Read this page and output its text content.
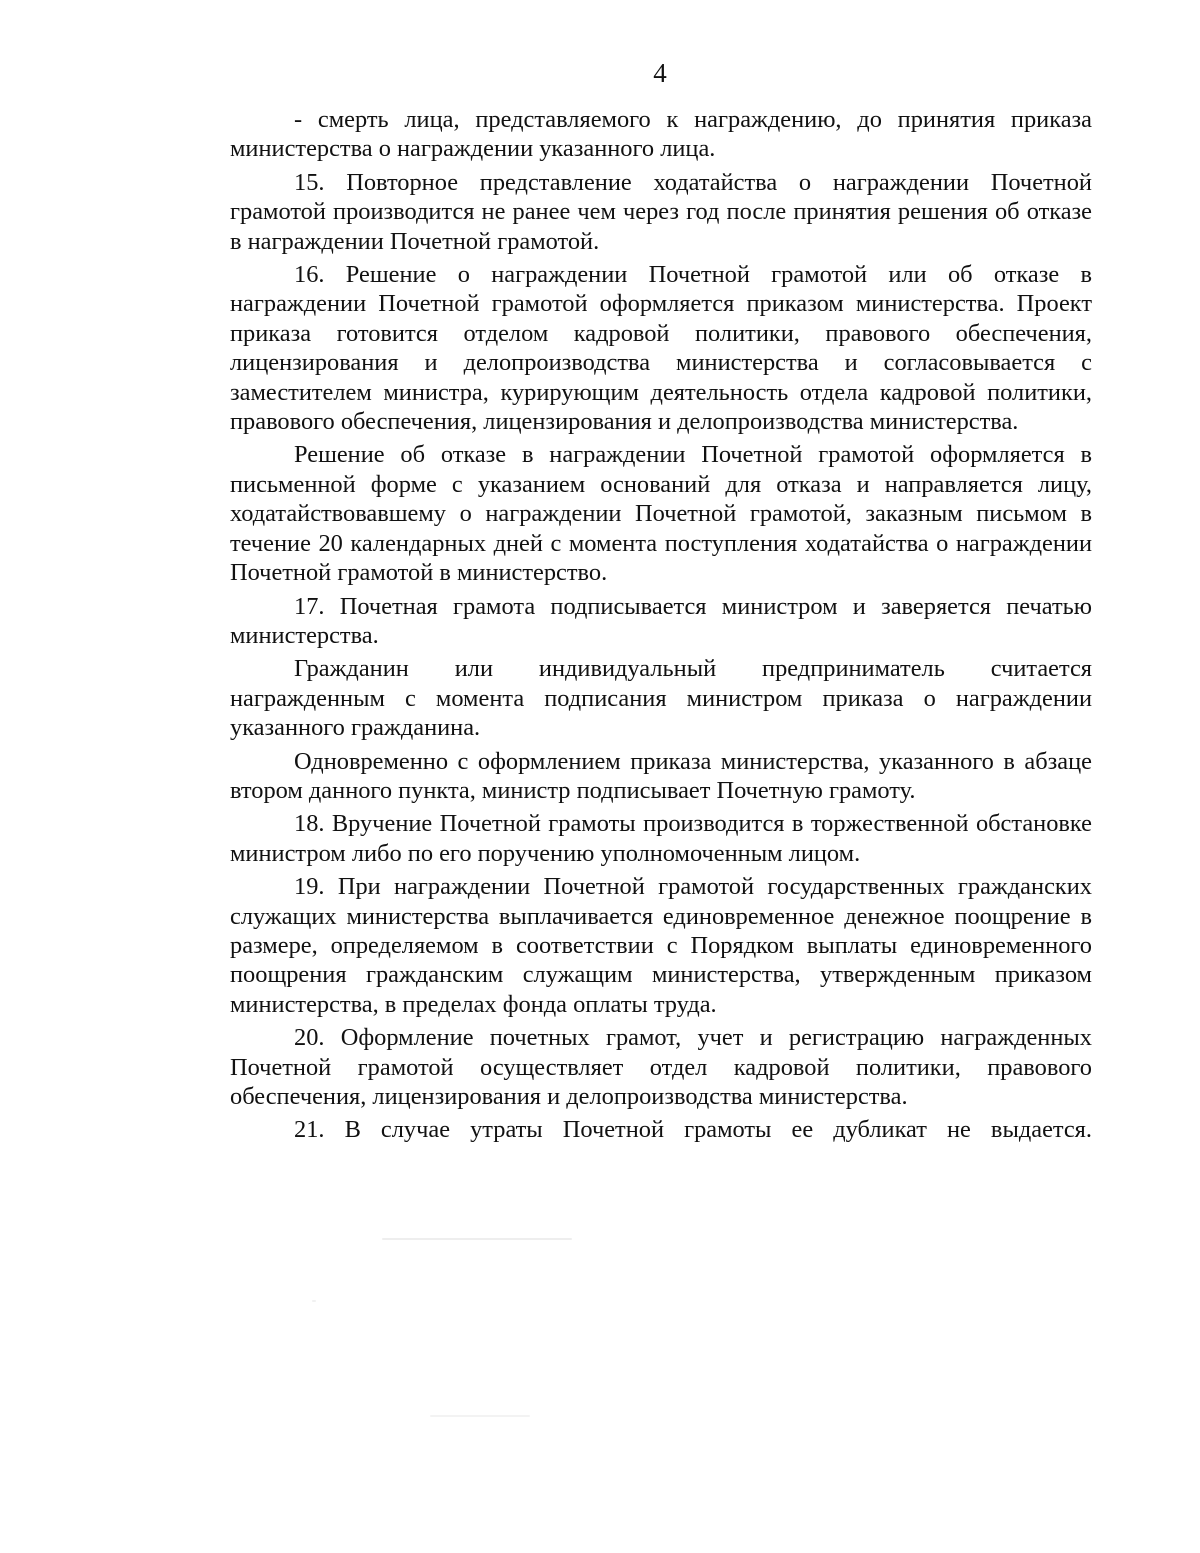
4

- смерть лица, представляемого к награждению, до принятия приказа министерства о награждении указанного лица.

15. Повторное представление ходатайства о награждении Почетной грамотой производится не ранее чем через год после принятия решения об отказе в награждении Почетной грамотой.

16. Решение о награждении Почетной грамотой или об отказе в награждении Почетной грамотой оформляется приказом министерства. Проект приказа готовится отделом кадровой политики, правового обеспечения, лицензирования и делопроизводства министерства и согласовывается с заместителем министра, курирующим деятельность отдела кадровой политики, правового обеспечения, лицензирования и делопроизводства министерства.

Решение об отказе в награждении Почетной грамотой оформляется в письменной форме с указанием оснований для отказа и направляется лицу, ходатайствовавшему о награждении Почетной грамотой, заказным письмом в течение 20 календарных дней с момента поступления ходатайства о награждении Почетной грамотой в министерство.

17. Почетная грамота подписывается министром и заверяется печатью министерства.

Гражданин или индивидуальный предприниматель считается награжденным с момента подписания министром приказа о награждении указанного гражданина.

Одновременно с оформлением приказа министерства, указанного в абзаце втором данного пункта, министр подписывает Почетную грамоту.

18. Вручение Почетной грамоты производится в торжественной обстановке министром либо по его поручению уполномоченным лицом.

19. При награждении Почетной грамотой государственных гражданских служащих министерства выплачивается единовременное денежное поощрение в размере, определяемом в соответствии с Порядком выплаты единовременного поощрения гражданским служащим министерства, утвержденным приказом министерства, в пределах фонда оплаты труда.

20. Оформление почетных грамот, учет и регистрацию награжденных Почетной грамотой осуществляет отдел кадровой политики, правового обеспечения, лицензирования и делопроизводства министерства.

21. В случае утраты Почетной грамоты ее дубликат не выдается.
